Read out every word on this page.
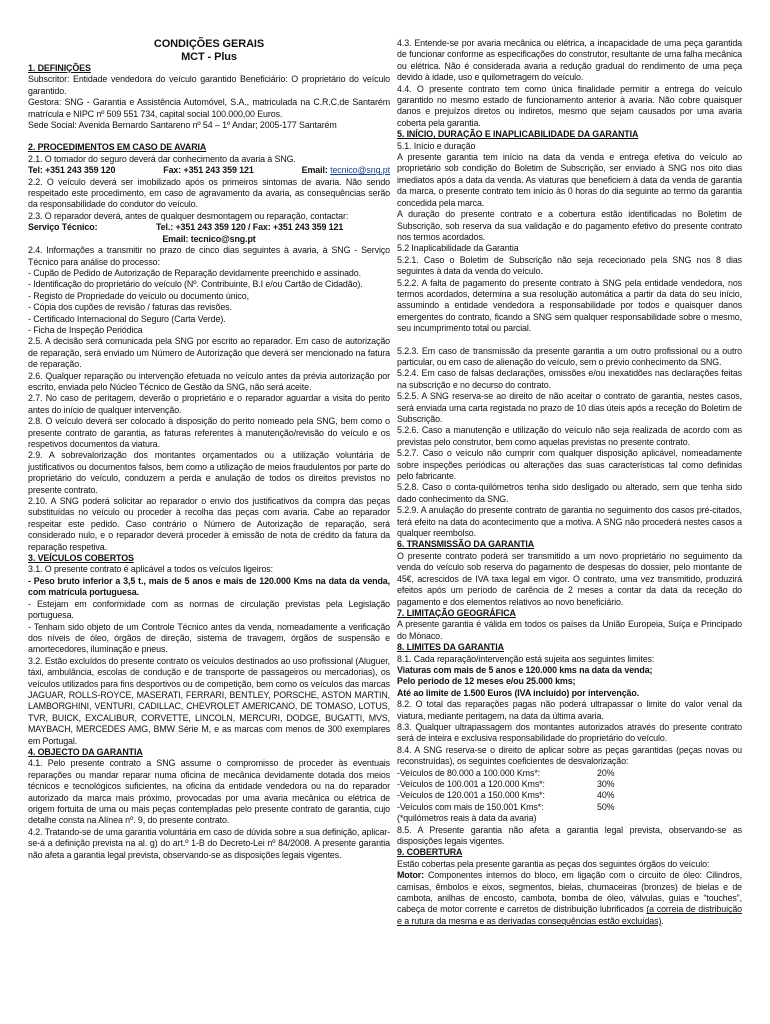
CONDIÇÕES GERAIS

MCT - Plus

1. DEFINIÇÕES

Subscritor: Entidade vendedora do veículo garantido Beneficiário: O proprietário do veículo garantido.

Gestora: SNG - Garantia e Assistência Automóvel, S.A., matriculada na C.R.C.de Santarém matrícula e NIPC nº 509 551 734, capital social 100.000,00 Euros.

Sede Social: Avenida Bernardo Santareno nº 54 – 1º Andar; 2005-177 Santarém

2. PROCEDIMENTOS EM CASO DE AVARIA

2.1. O tomador do seguro deverá dar conhecimento da avaria à SNG.

Tel: +351 243 359 120	Fax: +351 243 359 121	Email: tecnico@sng.pt

2.2. O veículo deverá ser imobilizado após os primeiros sintomas de avaria. Não sendo respeitado este procedimento, em caso de agravamento da avaria, as consequências serão da responsabilidade do condutor do veículo.

2.3. O reparador deverá, antes de qualquer desmontagem ou reparação, contactar:

Serviço Técnico:	Tel.: +351 243 359 120 / Fax: +351 243 359 121

Email: tecnico@sng.pt

2.4. Informações a transmitir no prazo de cinco dias seguintes à avaria, à SNG - Serviço Técnico para análise do processo:

- Cupão de Pedido de Autorização de Reparação devidamente preenchido e assinado.

- Identificação do proprietário do veículo (Nº. Contribuinte, B.I e/ou Cartão de Cidadão).

- Registo de Propriedade do veículo ou documento único,

- Cópia dos cupões de revisão / faturas das revisões.

- Certificado Internacional do Seguro (Carta Verde).

- Ficha de Inspeção Periódica

2.5. A decisão será comunicada pela SNG por escrito ao reparador. Em caso de autorização de reparação, será enviado um Número de Autorização que deverá ser mencionado na fatura de reparação.

2.6. Qualquer reparação ou intervenção efetuada no veículo antes da prévia autorização por escrito, enviada pelo Núcleo Técnico de Gestão da SNG, não será aceite.

2.7. No caso de peritagem, deverão o proprietário e o reparador aguardar a visita do perito antes do início de qualquer intervenção.

2.8. O veículo deverá ser colocado à disposição do perito nomeado pela SNG, bem como o presente contrato de garantia, as faturas referentes à manutenção/revisão do veículo e os respetivos documentos da viatura.

2.9. A sobrevalorização dos montantes orçamentados ou a utilização voluntária de justificativos ou documentos falsos, bem como a utilização de meios fraudulentos por parte do proprietário do veículo, conduzem a perda e anulação de todos os direitos previstos no presente contrato.

2.10. A SNG poderá solicitar ao reparador o envio dos justificativos da compra das peças substituídas no veículo ou proceder à recolha das peças com avaria. Cabe ao reparador respeitar este pedido. Caso contrário o Número de Autorização de reparação, será considerado nulo, e o reparador deverá proceder à emissão de nota de crédito da fatura da reparação respetiva.

3. VEÍCULOS COBERTOS

3.1. O presente contrato é aplicável a todos os veículos ligeiros:

- Peso bruto inferior a 3,5 t., mais de 5 anos e mais de 120.000 Kms na data da venda, com matrícula portuguesa.

- Estejam em conformidade com as normas de circulação previstas pela Legislação portuguesa.

- Tenham sido objeto de um Controle Técnico antes da venda, nomeadamente a verificação dos níveis de óleo, órgãos de direção, sistema de travagem, órgãos de suspensão e amortecedores, iluminação e pneus.

3.2. Estão excluídos do presente contrato os veículos destinados ao uso profissional (Aluguer, táxi, ambulância, escolas de condução e de transporte de passageiros ou mercadorias), os veículos utilizados para fins desportivos ou de competição, bem como os veículos das marcas JAGUAR, ROLLS-ROYCE, MASERATI, FERRARI, BENTLEY, PORSCHE, ASTON MARTIN, LAMBORGHINI, VENTURI, CADILLAC, CHEVROLET AMERICANO, DE TOMASO, LOTUS, TVR, BUICK, EXCALIBUR, CORVETTE, LINCOLN, MERCURI, DODGE, BUGATTI, MVS, MAYBACH, MERCEDES AMG, BMW Série M, e as marcas com menos de 300 exemplares em Portugal.

4. OBJECTO DA GARANTIA

4.1. Pelo presente contrato a SNG assume o compromisso de proceder às eventuais reparações ou mandar reparar numa oficina de mecânica devidamente dotada dos meios técnicos e tecnológicos suficientes, na oficina da entidade vendedora ou na do reparador autorizado da marca mais próximo, provocadas por uma avaria mecânica ou elétrica de origem fortuita de uma ou mais peças contempladas pelo presente contrato de garantia, cujo detalhe consta na Alínea nº. 9, do presente contrato.

4.2. Tratando-se de uma garantia voluntária em caso de dúvida sobre a sua definição, aplicar-se-á a definição prevista na al. g) do art.º 1-B do Decreto-Lei nº 84/2008. A presente garantia não afeta a garantia legal prevista, observando-se as disposições legais vigentes.

4.3. Entende-se por avaria mecânica ou elétrica, a incapacidade de uma peça garantida de funcionar conforme as especificações do construtor, resultante de uma falha mecânica ou elétrica. Não é considerada avaria a redução gradual do rendimento de uma peça devido à idade, uso e quilometragem do veículo.

4.4. O presente contrato tem como única finalidade permitir a entrega do veículo garantido no mesmo estado de funcionamento anterior à avaria. Não cobre quaisquer danos e prejuízos diretos ou indiretos, mesmo que sejam causados por uma avaria coberta pela garantia.

5. INÍCIO, DURAÇÃO E INAPLICABILIDADE DA GARANTIA

5.1. Início e duração

A presente garantia tem início na data da venda e entrega efetiva do veículo ao proprietário sob condição do Boletim de Subscrição, ser enviado à SNG nos oito dias imediatos após a data da venda. As viaturas que beneficiem à data da venda de garantia da marca, o presente contrato tem início às 0 horas do dia seguinte ao termo da garantia concedida pela marca.

A duração do presente contrato e a cobertura estão identificadas no Boletim de Subscrição, sob reserva da sua validação e do pagamento efetivo do presente contrato nos termos acordados.

5.2 Inaplicabilidade da Garantia

5.2.1. Caso o Boletim de Subscrição não seja rececionado pela SNG nos 8 dias seguintes à data da venda do veículo.

5.2.2. A falta de pagamento do presente contrato à SNG pela entidade vendedora, nos termos acordados, determina a sua resolução automática a partir da data do seu início, assumindo a entidade vendedora a responsabilidade por todos e quaisquer danos emergentes do contrato, ficando a SNG sem qualquer responsabilidade sobre o mesmo, seu incumprimento total ou parcial.

5.2.3. Em caso de transmissão da presente garantia a um outro profissional ou a outro particular, ou em caso de alienação do veículo, sem o prévio conhecimento da SNG.

5.2.4. Em caso de falsas declarações, omissões e/ou inexatidões nas declarações feitas na subscrição e no decurso do contrato.

5.2.5. A SNG reserva-se ao direito de não aceitar o contrato de garantia, nestes casos, será enviada uma carta registada no prazo de 10 dias úteis após a receção do Boletim de Subscrição.

5.2.6. Caso a manutenção e utilização do veículo não seja realizada de acordo com as previstas pelo construtor, bem como aquelas previstas no presente contrato.

5.2.7. Caso o veículo não cumprir com qualquer disposição aplicável, nomeadamente sobre inspeções periódicas ou alterações das suas características tal como definidas pelo fabricante.

5.2.8. Caso o conta-quilómetros tenha sido desligado ou alterado, sem que tenha sido dado conhecimento da SNG.

5.2.9. A anulação do presente contrato de garantia no seguimento dos casos pré-citados, terá efeito na data do acontecimento que a motiva. A SNG não procederá nestes casos a qualquer reembolso.

6. TRANSMISSÃO DA GARANTIA

O presente contrato poderá ser transmitido a um novo proprietário no seguimento da venda do veículo sob reserva do pagamento de despesas do dossier, pelo montante de 45€, acrescidos de IVA taxa legal em vigor. O contrato, uma vez transmitido, produzirá efeitos após um período de carência de 2 meses a contar da data da receção do pagamento e dos elementos relativos ao novo beneficiário.

7. LIMITAÇÃO GEOGRÁFICA

A presente garantia é válida em todos os países da União Europeia, Suíça e Principado do Mónaco.

8. LIMITES DA GARANTIA

8.1. Cada reparação/intervenção está sujeita aos seguintes limites:

Viaturas com mais de 5 anos e 120.000 kms na data da venda;

Pelo período de 12 meses e/ou 25.000 kms;

Até ao limite de 1.500 Euros (IVA incluído) por intervenção.

8.2. O total das reparações pagas não poderá ultrapassar o limite do valor venal da viatura, mediante peritagem, na data da última avaria.

8.3. Qualquer ultrapassagem dos montantes autorizados através do presente contrato será de inteira e exclusiva responsabilidade do proprietário do veículo.

8.4. A SNG reserva-se o direito de aplicar sobre as peças garantidas (peças novas ou reconstruídas), os seguintes coeficientes de desvalorização:

-Veículos de 80.000 a 100.000 Kms*:	20%
-Veículos de 100.001 a 120.000 Kms*:	30%
-Veículos de 120.001 a 150.000 Kms*:	40%
-Veículos com mais de 150.001 Kms*:	50%

(*quilómetros reais à data da avaria)

8.5. A Presente garantia não afeta a garantia legal prevista, observando-se as disposições legais vigentes.

9. COBERTURA

Estão cobertas pela presente garantia as peças dos seguintes órgãos do veículo:

Motor: Componentes internos do bloco, em ligação com o circuito de óleo: Cilindros, camisas, êmbolos e eixos, segmentos, bielas, chumaceiras (bronzes) de bielas e de cambota, anilhas de encosto, cambota, bomba de óleo, válvulas, guias e “touches”, cabeça de motor corrente e carretos de distribuição lubrificados (a correia de distribuição e a rutura da mesma e as derivadas consequências estão excluídas).
